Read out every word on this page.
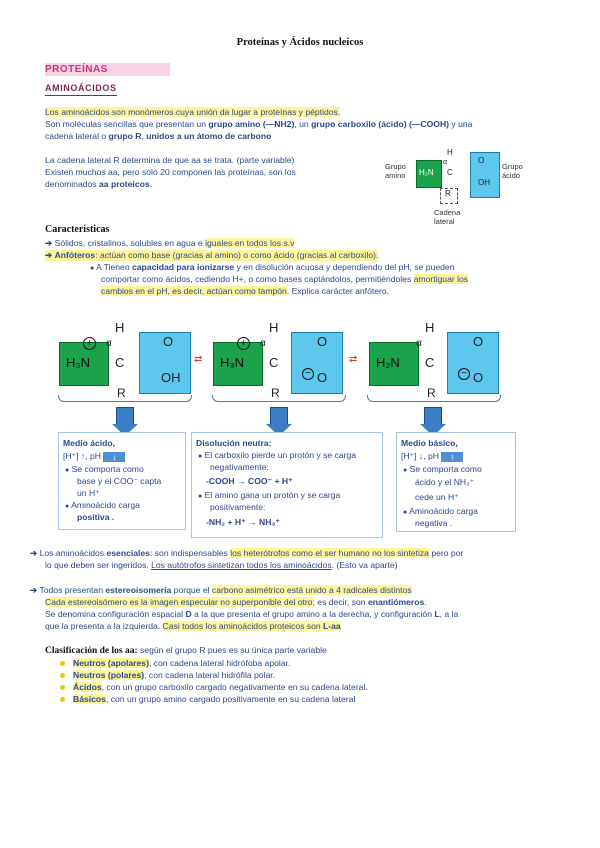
Proteínas y Ácidos nucleicos
PROTEÍNAS
AMINOÁCIDOS
Los aminoácidos son monómeros cuya unión da lugar a proteínas y péptidos.
Son moléculas sencillas que presentan un grupo amino (—NH2), un grupo carboxilo (ácido) (—COOH) y una
cadena lateral o grupo R, unidos a un átomo de carbono
La cadena lateral R determina de que aa se trata. (parte variable)
Existen muchos aa, pero solo 20 componen las proteínas, son los
denominados aa proteicos.
Grupo
amino
Grupo
ácido
H
α
H₂N C
O
OH
R
Cadena
lateral
Características
➔ Sólidos, cristalinos, solubles en agua e iguales en todos los s.v
➔ Anfóteros: actúan como base (gracias al amino) o como ácido (gracias al carboxilo).
● A Tienen capacidad para ionizarse y en disolución acuosa y dependiendo del pH, se pueden
comportar como ácidos, cediendo H+, o como bases captándolos, permitiéndoles amortiguar los
cambios en el pH, es decir, actúan como tampón. Explica carácter anfótero.
H
α
H₃N
+
C
O
OH
R
⇄
H
α
H₃N
+
C
O
O
−
R
⇄
H
α
H₂N C
O
O
−
R
Medio ácido,
[H⁺] ↑, pH ↓
● Se comporta como
base y el COO⁻ capta
un H⁺
● Aminoácido carga
positiva .
Disolución neutra:
● El carboxilo pierde un protón y se carga
negativamente:
-COOH → COO⁻ + H⁺
● El amino gana un protón y se carga
positivamente:
-NH₂ + H⁺ → NH₃⁺
Medio básico,
[H⁺] ↓, pH ↑
● Se comporta como
ácido y el NH₃⁺
cede un H⁺
● Aminoácido carga
negativa .
➔ Los aminoácidos esenciales: son indispensables los heterótrofos como el ser humano no los sintetiza pero por
lo que deben ser ingeridos. Los autótrofos sintetizan todos los aminoácidos. (Esto va aparte)
➔ Todos presentan estereoisomería porque el carbono asimétrico está unido a 4 radicales distintos
Cada estereoisómero es la imagen especular no superponible del otro; es decir, son enantiómeros.
Se denomina configuración espacial D a la que presenta el grupo amino a la derecha, y configuración L, a la
que la presenta a la izquierda. Casi todos los aminoácidos proteicos son L-aa
Clasificación de los aa: según el grupo R pues es su única parte variable
Neutros (apolares), con cadena lateral hidrófoba apolar.
Neutros (polares), con cadena lateral hidrófila polar.
Ácidos, con un grupo carboxilo cargado negativamente en su cadena lateral.
Básicos, con un grupo amino cargado positivamente en su cadena lateral
